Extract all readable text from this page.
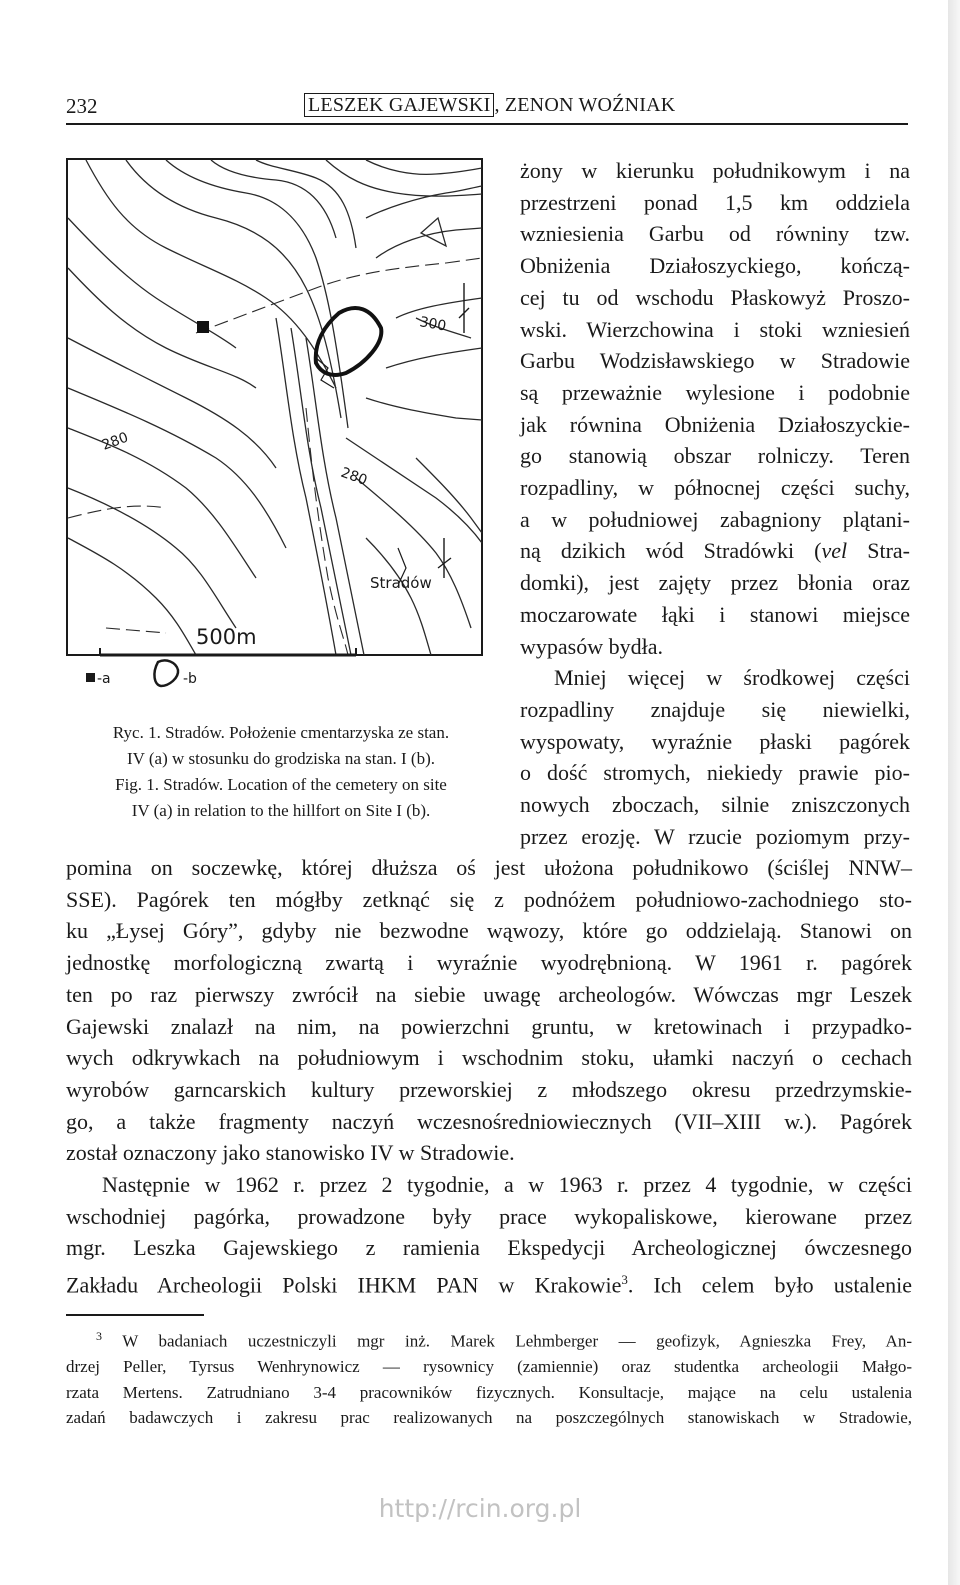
232	LESZEK GAJEWSKI , ZENON WOŹNIAK
300
280
280
Stradów
500m
-a	-b
Ryc. 1. Stradów. Położenie cmentarzyska ze stan.
IV (a) w stosunku do grodziska na stan. I (b).
Fig. 1. Stradów. Location of the cemetery on site
IV (a) in relation to the hillfort on Site I (b).
żony w kierunku południkowym i na
przestrzeni ponad 1,5 km oddziela
wzniesienia Garbu od równiny tzw.
Obniżenia Działoszyckiego, kończą-
cej tu od wschodu Płaskowyż Proszo-
wski. Wierzchowina i stoki wzniesień
Garbu Wodzisławskiego w Stradowie
są przeważnie wylesione i podobnie
jak równina Obniżenia Działoszyckie-
go stanowią obszar rolniczy. Teren
rozpadliny, w północnej części suchy,
a w południowej zabagniony plątani-
ną dzikich wód Stradówki (vel Stra-
domki), jest zajęty przez błonia oraz
moczarowate łąki i stanowi miejsce
wypasów bydła.
Mniej więcej w środkowej części
rozpadliny znajduje się niewielki,
wyspowaty, wyraźnie płaski pagórek
o dość stromych, niekiedy prawie pio-
nowych zboczach, silnie zniszczonych
przez erozję. W rzucie poziomym przy-
pomina on soczewkę, której dłuższa oś jest ułożona południkowo (ściślej NNW–
SSE). Pagórek ten mógłby zetknąć się z podnóżem południowo-zachodniego sto-
ku „Łysej Góry”, gdyby nie bezwodne wąwozy, które go oddzielają. Stanowi on
jednostkę morfologiczną zwartą i wyraźnie wyodrębnioną. W 1961 r. pagórek
ten po raz pierwszy zwrócił na siebie uwagę archeologów. Wówczas mgr Leszek
Gajewski znalazł na nim, na powierzchni gruntu, w kretowinach i przypadko-
wych odkrywkach na południowym i wschodnim stoku, ułamki naczyń o cechach
wyrobów garncarskich kultury przeworskiej z młodszego okresu przedrzymskie-
go, a także fragmenty naczyń wczesnośredniowiecznych (VII–XIII w.). Pagórek
został oznaczony jako stanowisko IV w Stradowie.
Następnie w 1962 r. przez 2 tygodnie, a w 1963 r. przez 4 tygodnie, w części
wschodniej pagórka, prowadzone były prace wykopaliskowe, kierowane przez
mgr. Leszka Gajewskiego z ramienia Ekspedycji Archeologicznej ówczesnego
Zakładu Archeologii Polski IHKM PAN w Krakowie$^3$. Ich celem było ustalenie
$^3$ W badaniach uczestniczyli mgr inż. Marek Lehmberger — geofizyk, Agnieszka Frey, An-
drzej Peller, Tyrsus Wenhrynowicz — rysownicy (zamiennie) oraz studentka archeologii Małgo-
rzata Mertens. Zatrudniano 3-4 pracowników fizycznych. Konsultacje, mające na celu ustalenia
zadań badawczych i zakresu prac realizowanych na poszczególnych stanowiskach w Stradowie,
http://rcin.org.pl
